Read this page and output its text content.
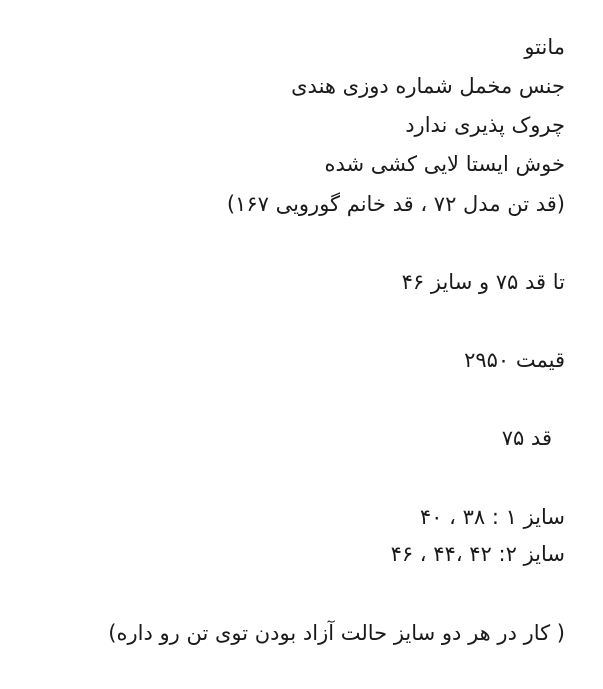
مانتو
جنس مخمل شماره دوزی هندی
چروک پذیری ندارد
خوش ایستا لایی کشی شده
(قد تن مدل ۷۲ ، قد خانم گورویی ۱۶۷)
تا قد ۷۵ و سایز ۴۶
قیمت ۲۹۵۰
قد ۷۵
سایز ۱ : ۳۸ ، ۴۰
سایز ۲: ۴۲ ،۴۴ ، ۴۶
( کار در هر دو سایز حالت آزاد بودن توی تن رو داره)
